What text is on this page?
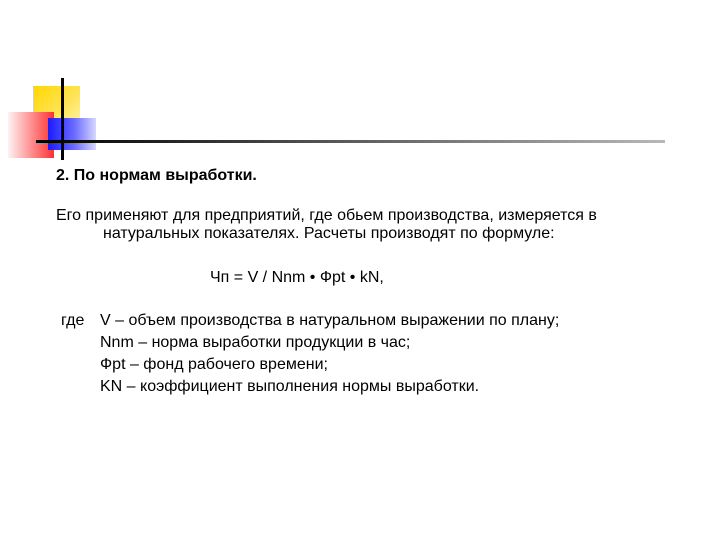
2. По нормам выработки.
Его применяют для предприятий, где обьем производства, измеряется в
натуральных показателях. Расчеты производят по формуле:
Чп = V / Nnm • Фpt • kN,
где V – объем производства в натуральном выражении по плану;
Nnm – норма выработки продукции в час;
Фpt – фонд рабочего времени;
KN – коэффициент выполнения нормы выработки.
